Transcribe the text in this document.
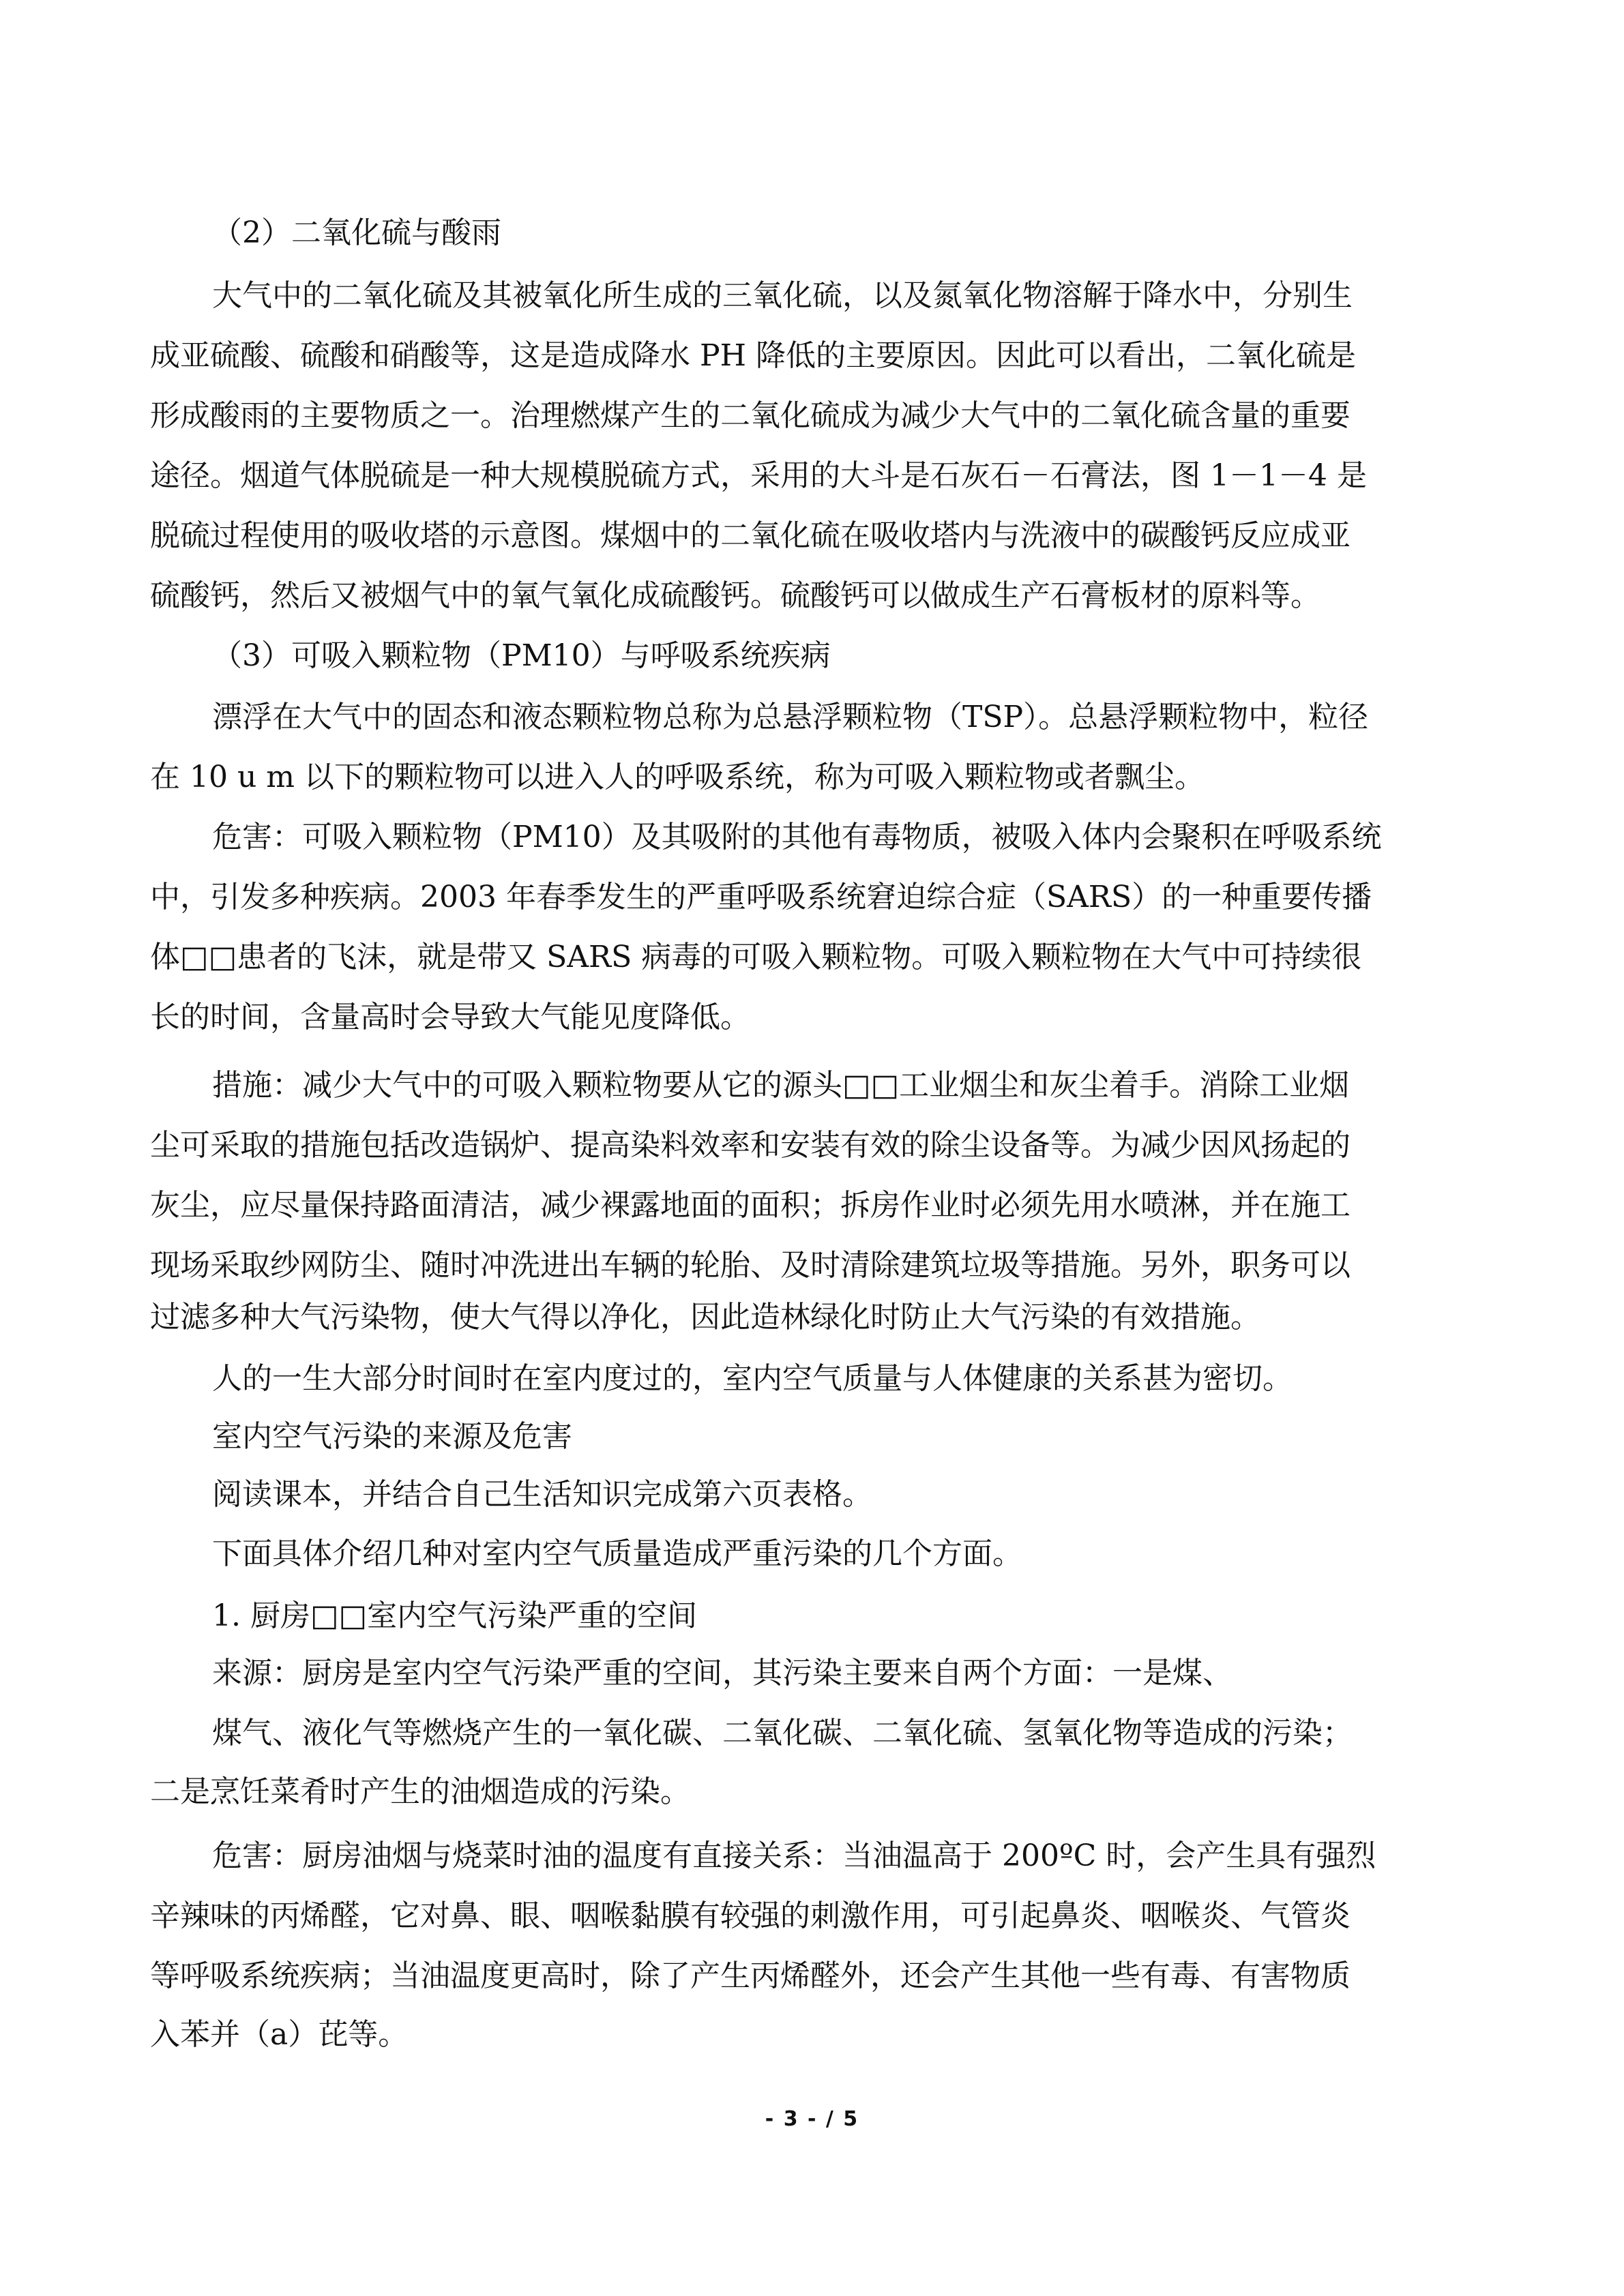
（2）二氧化硫与酸雨
大气中的二氧化硫及其被氧化所生成的三氧化硫，以及氮氧化物溶解于降水中，分别生
成亚硫酸、硫酸和硝酸等，这是造成降水 PH 降低的主要原因。因此可以看出，二氧化硫是
形成酸雨的主要物质之一。治理燃煤产生的二氧化硫成为减少大气中的二氧化硫含量的重要
途径。烟道气体脱硫是一种大规模脱硫方式，采用的大斗是石灰石－石膏法，图 1－1－4 是
脱硫过程使用的吸收塔的示意图。煤烟中的二氧化硫在吸收塔内与洗液中的碳酸钙反应成亚
硫酸钙，然后又被烟气中的氧气氧化成硫酸钙。硫酸钙可以做成生产石膏板材的原料等。
（3）可吸入颗粒物（PM10）与呼吸系统疾病
漂浮在大气中的固态和液态颗粒物总称为总悬浮颗粒物（TSP）。总悬浮颗粒物中，粒径
在 10 u m 以下的颗粒物可以进入人的呼吸系统，称为可吸入颗粒物或者飘尘。
危害：可吸入颗粒物（PM10）及其吸附的其他有毒物质，被吸入体内会聚积在呼吸系统
中，引发多种疾病。2003 年春季发生的严重呼吸系统窘迫综合症（SARS）的一种重要传播
体□□患者的飞沫，就是带又 SARS 病毒的可吸入颗粒物。可吸入颗粒物在大气中可持续很
长的时间，含量高时会导致大气能见度降低。
措施：减少大气中的可吸入颗粒物要从它的源头□□工业烟尘和灰尘着手。消除工业烟
尘可采取的措施包括改造锅炉、提高染料效率和安装有效的除尘设备等。为减少因风扬起的
灰尘，应尽量保持路面清洁，减少裸露地面的面积；拆房作业时必须先用水喷淋，并在施工
现场采取纱网防尘、随时冲洗进出车辆的轮胎、及时清除建筑垃圾等措施。另外，职务可以
过滤多种大气污染物，使大气得以净化，因此造林绿化时防止大气污染的有效措施。
人的一生大部分时间时在室内度过的，室内空气质量与人体健康的关系甚为密切。
室内空气污染的来源及危害
阅读课本，并结合自己生活知识完成第六页表格。
下面具体介绍几种对室内空气质量造成严重污染的几个方面。
1. 厨房□□室内空气污染严重的空间
来源：厨房是室内空气污染严重的空间，其污染主要来自两个方面：一是煤、
煤气、液化气等燃烧产生的一氧化碳、二氧化碳、二氧化硫、氢氧化物等造成的污染；
二是烹饪菜肴时产生的油烟造成的污染。
危害：厨房油烟与烧菜时油的温度有直接关系：当油温高于 200ºC 时，会产生具有强烈
辛辣味的丙烯醛，它对鼻、眼、咽喉黏膜有较强的刺激作用，可引起鼻炎、咽喉炎、气管炎
等呼吸系统疾病；当油温度更高时，除了产生丙烯醛外，还会产生其他一些有毒、有害物质
入苯并（a）芘等。
- 3 - / 5
